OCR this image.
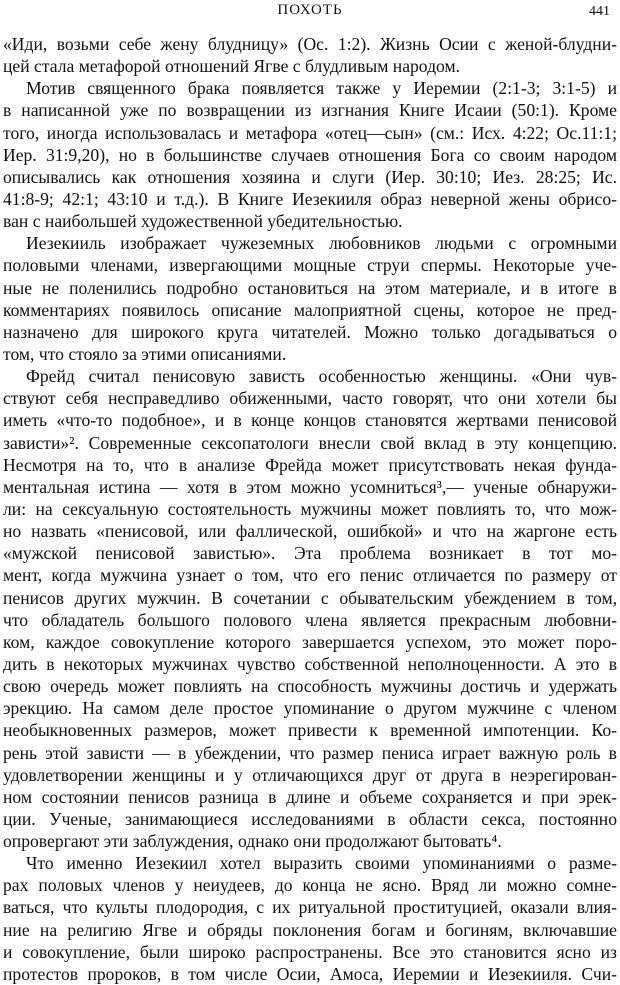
ПОХОТЬ	441
«Иди, возьми себе жену блудницу» (Ос. 1:2). Жизнь Осии с женой-блудни-
цей стала метафорой отношений Ягве с блудливым народом.
Мотив священного брака появляется также у Иеремии (2:1-3; 3:1-5) и
в написанной уже по возвращении из изгнания Книге Исаии (50:1). Кроме
того, иногда использовалась и метафора «отец—сын» (см.: Исх. 4:22; Ос.11:1;
Иер. 31:9,20), но в большинстве случаев отношения Бога со своим народом
описывались как отношения хозяина и слуги (Иер. 30:10; Иез. 28:25; Ис.
41:8-9; 42:1; 43:10 и т.д.). В Книге Иезекииля образ неверной жены обрисо-
ван с наибольшей художественной убедительностью.
Иезекииль изображает чужеземных любовников людьми с огромными
половыми членами, извергающими мощные струи спермы. Некоторые уче-
ные не поленились подробно остановиться на этом материале, и в итоге в
комментариях появилось описание малоприятной сцены, которое не пред-
назначено для широкого круга читателей. Можно только догадываться о
том, что стояло за этими описаниями.
Фрейд считал пенисовую зависть особенностью женщины. «Они чув-
ствуют себя несправедливо обиженными, часто говорят, что они хотели бы
иметь «что-то подобное», и в конце концов становятся жертвами пенисовой
зависти»². Современные сексопатологи внесли свой вклад в эту концепцию.
Несмотря на то, что в анализе Фрейда может присутствовать некая фунда-
ментальная истина — хотя в этом можно усомниться³,— ученые обнаружи-
ли: на сексуальную состоятельность мужчины может повлиять то, что мож-
но назвать «пенисовой, или фаллической, ошибкой» и что на жаргоне есть
«мужской пенисовой завистью». Эта проблема возникает в тот мо-
мент, когда мужчина узнает о том, что его пенис отличается по размеру от
пенисов других мужчин. В сочетании с обывательским убеждением в том,
что обладатель большого полового члена является прекрасным любовни-
ком, каждое совокупление которого завершается успехом, это может поро-
дить в некоторых мужчинах чувство собственной неполноценности. А это в
свою очередь может повлиять на способность мужчины достичь и удержать
эрекцию. На самом деле простое упоминание о другом мужчине с членом
необыкновенных размеров, может привести к временной импотенции. Ко-
рень этой зависти — в убеждении, что размер пениса играет важную роль в
удовлетворении женщины и у отличающихся друг от друга в неэрегирован-
ном состоянии пенисов разница в длине и объеме сохраняется и при эрек-
ции. Ученые, занимающиеся исследованиями в области секса, постоянно
опровергают эти заблуждения, однако они продолжают бытовать⁴.
Что именно Иезекиил хотел выразить своими упоминаниями о разме-
рах половых членов у неиудеев, до конца не ясно. Вряд ли можно сомне-
ваться, что культы плодородия, с их ритуальной проституцией, оказали влия-
ние на религию Ягве и обряды поклонения богам и богиням, включавшие
и совокупление, были широко распространены. Все это становится ясно из
протестов пророков, в том числе Осии, Амоса, Иеремии и Иезекииля. Счи-
